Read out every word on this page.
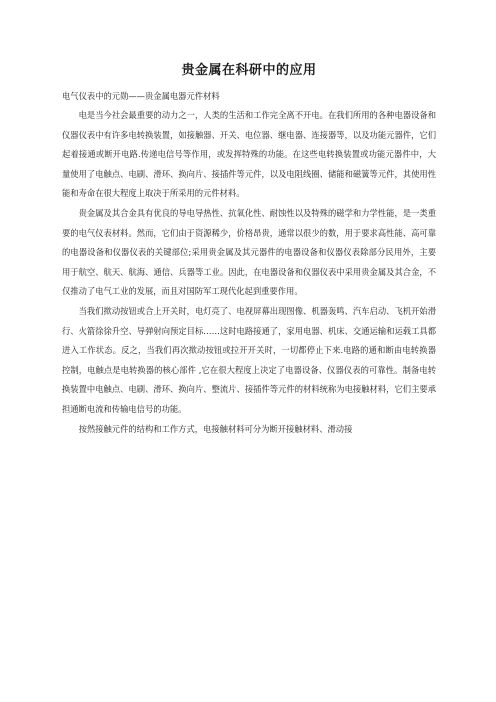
贵金属在科研中的应用

电气仪表中的元勋——贵金属电器元件材料

电是当今社会最重要的动力之一，人类的生活和工作完全离不开电。在我们所用的各种电器设备和仪器仪表中有许多电转换装置，如接触器、开关、电位器、继电器、连接器等，以及功能元器件，它们起着接通或断开电路.传递电信号等作用，或发挥特殊的功能。在这些电转换装置或功能元器件中，大量使用了电触点、电刷、滑环、换向片、接插件等元件，以及电阻线圈、储能和磁簧等元件，其使用性能和寿命在很大程度上取决于所采用的元件材料。

贵金属及其合金具有优良的导电导热性、抗氧化性、耐蚀性以及特殊的磁学和力学性能，是一类重要的电气仪表材料。然而，它们由于资源稀少，价格昂贵，通常以很少的数，用于要求高性能、高可靠的电器设备和仪器仪表的关键部位;采用贵金属及其元器件的电器设备和仪器仪表除部分民用外，主要用于航空、航天、航海、通信、兵器等工业。因此，在电器设备和仪器仪表中采用贵金属及其合金，不仅推动了电气工业的发展，而且对国防军工现代化起到重要作用。

当我们揿动按钮或合上开关时，电灯亮了、电视屏幕出现图像、机器轰鸣、汽车启动、飞机开始滑行、火箭徐徐升空、导弹射向预定目标……这时电路接通了，家用电器、机床、交通运输和运载工具都进入工作状态。反之，当我们再次揿动按钮或拉开开关时，一切都停止下来.电路的通和断由电转换器控制，电触点是电转换器的核心部件 ,它在很大程度上决定了电器设备、仪器仪表的可靠性。制备电转换装置中电触点、电刷、滑环、换向片、整流片、接插件等元件的材料统称为电接触材料，它们主要承担通断电流和传输电信号的功能。

按然接触元件的结构和工作方式，电接触材料可分为断开接触材料、滑动接
